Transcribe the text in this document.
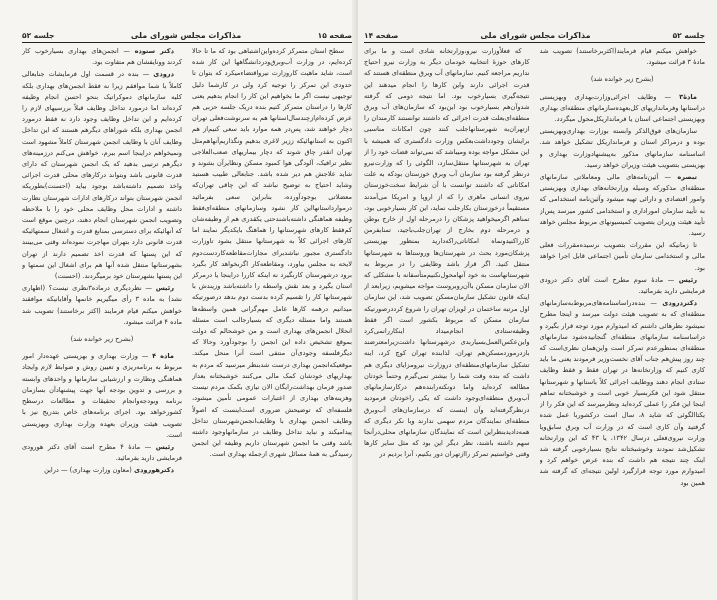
صفحه ۱۵
مذاکرات مجلس شورای ملی
جلسه ۵۲

سطح استان متمرکز کرده‌واین‌اشتباهی بود که ما تا حالا کرده‌ایم، در وزارت آب‌وبرق‌ودردانشگاهها این کار شده است، شاید ماهیت کاروزارت نیرواقتضاءمیکرد که بتوان تا حدودی این تمرکز را توجیه کرد ولی در کارشما دلیل توجیهی نیست اگر ما بخواهیم این کار را انجام بدهیم یعنی کارها را دراستان متمرکز کنیم بنده دریک جلسه حزبی هم عرض کرده‌ام‌ازچندسال‌استانها هم به سرنوشت‌فعلی تهران دچار خواهند شد، پس‌در همه موارد باید سعی کنیم‌از هم اکنون به استانهائیکه ززیر لاغری بدهیم ونگذاریم‌آنهاهم‌مثل تهران انقدر چاق شوند که دچار بیماریهای صعب‌العلاجی نظیر ترافیک، آلودگی هوا کمبود مسکن ونظایرآن بشوند و شاید علاجش هم دیر شده باشد. جنابعالی طبیب هستید وشاید احتیاج به توضیح نباشد که این چاقی تهران‌که معضلاتی بوجودآورده، بنابراین سعی بفرمائید درموارداستانهااین کار نشود وسازمانهای منطقه‌ای‌فقط وظیفه هماهنگی داشته‌باشندحتی یکقدری هم از وظیفه‌شان کم‌فقط کارهای شهرستانها را هماهنگ بایکدیگر نمایند اما کارهای اجرائی کلاً به شهرستانها منتقل بشود تاوزارت دادگستری مجبور نباشدبرای مجازات‌مقاطعه‌کاردست‌دوم لایحه به مجلس بیاورد، ومقاطعه‌کار اگربخواهد کار بگیرد برود درشهرستان کاربگیرد نه اینکه کاررا دراینجا یا درمرکز استان بگیرد و بعد نقش واسطه را داشته‌باشد وزیندش با شهرستانها کار را تقسیم کرده بدست دوم بدهد درصورتیکه میدانیم درهمه کارها عامل مهم‌گرانی همین واسطه‌ها هستند واما مسئله دیگری که بسیارجالب است مسئله انحلال انجمن‌های بهداری است و من خوشحالم که دولت بموقع تشخیص داده این انجمن را بوجودآورد وحالا که دیگرفلسفه وجودی‌آن منتفی است آنرا منحل میکند. موقعیکه‌انجمن بهداری درست شد‌بنظر میرسید که مردم به بهداریهای خودشان کمک مالی می‌کنند خوشبختانه بعداز صدور فرمان بهداشت‌رایگان الان نیازی بکمک مردم نیست وهزینه‌های بهداری از اعتبارات عمومی تأمین میشود، فلسفه‌ای که توضیحش ضروری است‌اینست که اصولاً وظایف انجمن بهداری با وظایف‌انجمن‌شهرستان تداخل پیدامیکند و نباید تداخل وظایف در سازمانهاوجود داشته باشد وقتی ما انجمن شهرستان داریم وظیفه این انجمن رسیدگی به همهٔ مسائل شهری ازجمله بهداری است.

دکتر ستوده — انجمن‌های بهداری بسیارخوب کار کردند وونایفشان هم متفاوت بود.

درودی — بنده در قسمت اول فرمایشات جنابعالی کاملاً با شما موافقم زیرا نه فقط انجمن‌های بهداری بلکه کلیه سازمانهای دموکراتیک بنحو احسن انجام وظیفه کرده‌اند اما درمورد تداخل وظایف قبلاً بررسیهای لازم را کرده‌ایم و این تداخل وظایف وجود دارد نه فقط درمورد انجمن بهداری بلکه شوراهای دیگرهم هستند که این تداخل وظایف آنان با وظایف انجمن شهرستان کاملاً مشهود است ونمیخواهم دراینجا اسم ببرم، خواهش می‌کنم درزمینه‌های دیگرهم ترتیبی بدهید که یک انجمن شهرستان که دارای قدرت قانونی باشد وبتواند درکارهای محلی قدرت اجرائی واخذ تصمیم داشته‌باشد بوجود بیاید (احسنت)بطوریکه انجمن شهرستان بتواند درکارهای ادارات شهرستان نظارت داشته و ادارات محل وظایف محلی خود را با ملاحظه وتصویب انجمن شهرستان انجام دهند، درچنین موقع است که آنهائیکه برای دسترسی بمنابع قدرت و اشغال سمتهائیکه قدرت قانونی دارد بتهران مهاجرت نموده‌اند وقتی می‌بینند که این پستها که قدرت اخذ تصمیم دارند از تهران بشهرستانها منتقل شده آنها هم برای اشغال این سمتها و این پستها بشهرستان خود برمیگردند. (احسنت)

رئیس — نظردیگری درماده۳نظری نیست؟ (اظهاری نشد) به ماده ۳ رأی میگیریم خانمها وآقایانیکه موافقند خواهش میکنم قیام فرمایند (اکثر برخاستند) تصویب شد ماده ۴ قرائت میشود.

(بشرح زیر خوانده شد)

ماده ۴ — وزارت بهداری و بهزیستی عهده‌دار امور مربوط به برنامه‌ریزی و تعیین روش و ضوابط لازم وایجاد هماهنگی ونظارت و ارزشیابی سازمانها و واحدهای وابسته و بررسی و تدوین بودجه آنها جهت پیشنهادآن بسازمان برنامه وبودجه‌وانجام تحقیقات و مطالعات درسطح کشورخواهد بود. اجرای برنامه‌های خاص بتدریج نیز با تصویب هیئت وزیران بعهده وزارت بهداری وبهزیستی است.

رئیس — مادهٔ ۴ مطرح است آقای دکتر هورودی فرمایشی دارید بفرمائید.

دکترهورودی (معاون وزارت بهداری) — دراین

جلسه ۵۲
مذاکرات مجلس شورای ملی
صفحه ۱۴

خواهش میکنم قیام فرمایند(اکثربرخاستند) تصویب شد مادهٔ ۳ قرائت میشود.

(بشرح زیر خوانده شد)

مادهٔ۳ — وظایف اجرائی‌وزارت‌بهداری وبهزیستی دراستانها وفرمانداریهای کل‌بعهده‌سازمانهای منطقه‌ای بهداری وبهزیستی اجتماعی استان یا فرمانداریکل‌محول میگردد.

سازمان‌های فوق‌الذکر وابسته بوزارت بهداری‌وبهزیستی بوده و درمراکز استان و فرمانداریکل تشکیل خواهد شد. اساسنامه سازمانهای مذکور به‌پیشنهادوزارت بهداری و بهزیستی بتصویب هیئت وزیران خواهد رسید.

تبصره — آئین‌نامه‌های مالی ومعاملاتی سازمانهای منطقه‌ای مذکورکه وسیله وزارتخانه‌های بهداری وبهزیستی وامور اقتصادی و دارائی تهیه میشود وآئین‌نامه استخدامی که به تأیید سازمان اموراداری و استخدامی کشور میرسد پس‌از تأیید هیئت وزیران بتصویب کمیسیونهای مربوط مجلس خواهد رسید.

تا زمانیکه این مقررات بتصویب نرسیده‌مقررات فعلی مالی و استخدامی سازمان تأمین اجتماعی قابل اجرا خواهد بود.

رئیس — مادهٔ سوم مطرح است آقای دکتر درودی فرمایشی دارید بفرمائید.

دکتردرودی — بنده‌دراساسنامه‌های‌مربوط‌به‌سازمانهای منطقه‌ای که به تصویب هیئت دولت میرسد و اینجا مطرح نمیشود نظرهائی داشتم که امیدوارم مورد توجه قرار بگیرد و دراساسنامه سازمانهای منطقه‌ای گنجانیده‌شود سازمانهای منطقه‌ای بمنظورعدم تمرکز است واین‌همان نظری‌است که چند روز پیش‌هم جناب آقای نخست‌وزیر فرمودند یعنی ما باید کاری کنیم که وزارتخانه‌ها در تهران فقط و فقط وظایف ستادی انجام دهند ووظایف اجرائی کلاً باستانها و شهرستانها منتقل شود این فکربسیار خوبی است و خوشبختانه تماهم اینجا این فکر را عملی کرده‌اید ونظرمیرسد که این فکر را از یکتاالگوئی که شاید ۸، سال است درکشوربا عمل شده گرفتید وآن کاری است که در وزارت آب وبرق سابق‌ویا وزارت نیروی‌فعلی درسال ۱۳۴۲، یا ۴۳ که این وزارتخانه تشکیل‌شد نمودند وخوشبختانه نتایج بسیارخوبی گرفته شد اینک چند نتیجه هم داشت که بنده عرض خواهم کرد و امیدوارم مورد توجه قرارگیرد اولین نتیجه‌ای که گرفته شد همین بود

که فعلاًوزارت نیرو،وزارتخانه شادی است و ما برای کارهای حوزهٔ انتخابیه خودمان دیگر به وزارت نیرو احتیاج نداریم مراجعه کنیم. سازمانهای آب وبرق منطقه‌ای هستند که قدرت اجرائی دارند واین کارها را انجام میدهند این نتیجه‌گیری بسیارخوب بود. اما نتیجه دومی که گرفته شدوآن‌هم بسیارخوب بود این‌بود که سازمان‌های آب وبرق منطقه‌ای‌بعلت قدرت اجرائی که داشتند توانستند کارمندان را ازتهران‌به شهرستانهاجلب کنند چون امکانات مناسبی برایشان وجودداشت‌بعکس وزارت دادگستری که همیشه با این مشکل مواجه بوده ومیباشد که نمی‌تواند قضات خود را از تهران به شهرستانها منتقل‌سازد، الگوئی را که وزارت‌نیرو درنظر گرفته بود سازمان آب وبرق خوزستان بود‌که به علت امکاناتی که داشتند توانست با آن شرایط سخت‌خوزستان نیروی انسانی ماهری را که از اروپا و امریکا می‌آمدند مستقیماً درخوزستان بکارجلب نماید، این کار بسیارخوبی بود، تمناهم اگرمیخواهید پزشکان را درمرحله اول از خارج بوطن و درمرحله دوم بخارج از تهران‌جلب‌باجید، تمنا‌بفرمن کاررا‌کنیدونماه امکاناتی‌راکه‌دارید بمنظور بهزیستی پزشکان‌مورد بحث در شهرستان‌ها وروستاها به شهرستانها منتقل کنید. اگر قرار باشد وظایفی را در مربوط به شهرستانهاست به خود آنهامحول‌نکنیم‌متأسفانه با مشکلی که الان سازمان مسکن باآن‌روبروست مواجه میشویم، زیرابعد از اینکه قانون تشکیل سازمان‌مسکن تصویب شد، این سازمان اول مرتبه ساختمان در لویزان تهران را شروع کرددرصورتیکه سازمان مسکن که مربوط بکشور است اگر فقط وظیفه‌ستادی انجام‌میداد اینکاررانمی‌کرد واین‌عکس‌العمل‌بسیاربدی درشهرستانها داشت‌زیرامعترضند بازدرمورد‌مسکن‌هم تهران، لذابنده تهران کوچ کرد، اینه تشکیل سازمانهای‌منطقه‌ای دروزارت نیرومزایای دیگری هم داشت که بنده وقت شما را بیشتر نمی‌گیرم وحتماً خودتان مطالعه کرده‌اید واما دونکته‌رابنده‌هم درکارسازمانهای آب‌وبرق منطقه‌ای‌وجود داشت که یکی راخودتان فرمودید درنظرگرفته‌اید وآن اینست که درسازمان‌های آب‌وبرق منطقه‌ای نمایندگان مردم سهمی ندارند وبا نکر دیگری که همه‌دادیدبنظراین است که نمایندگان سازمانهای محلی‌درآنجا سهم داشته باشند، نظر دیگر این بود که مثل سایر کارها وقتی خواستیم تمرکز راازتهران دور بکنیم، آنرا بردیم در
